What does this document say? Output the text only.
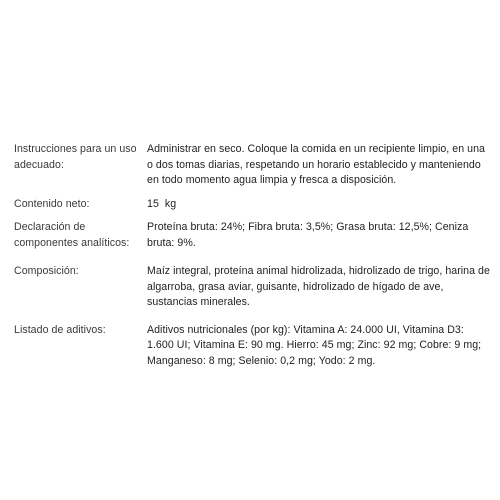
Instrucciones para un uso adecuado:
Administrar en seco. Coloque la comida en un recipiente limpio, en una o dos tomas diarias, respetando un horario establecido y manteniendo en todo momento agua limpia y fresca a disposición.
Contenido neto:	15 kg
Declaración de componentes analíticos:
Proteína bruta: 24%; Fibra bruta: 3,5%; Grasa bruta: 12,5%; Ceniza bruta: 9%.
Composición:	Maíz integral, proteína animal hidrolizada, hidrolizado de trigo, harina de algarroba, grasa aviar, guisante, hidrolizado de hígado de ave, sustancias minerales.
Listado de aditivos:	Aditivos nutricionales (por kg): Vitamina A: 24.000 UI, Vitamina D3: 1.600 UI; Vitamina E: 90 mg. Hierro: 45 mg; Zinc: 92 mg; Cobre: 9 mg; Manganeso: 8 mg; Selenio: 0,2 mg; Yodo: 2 mg.
